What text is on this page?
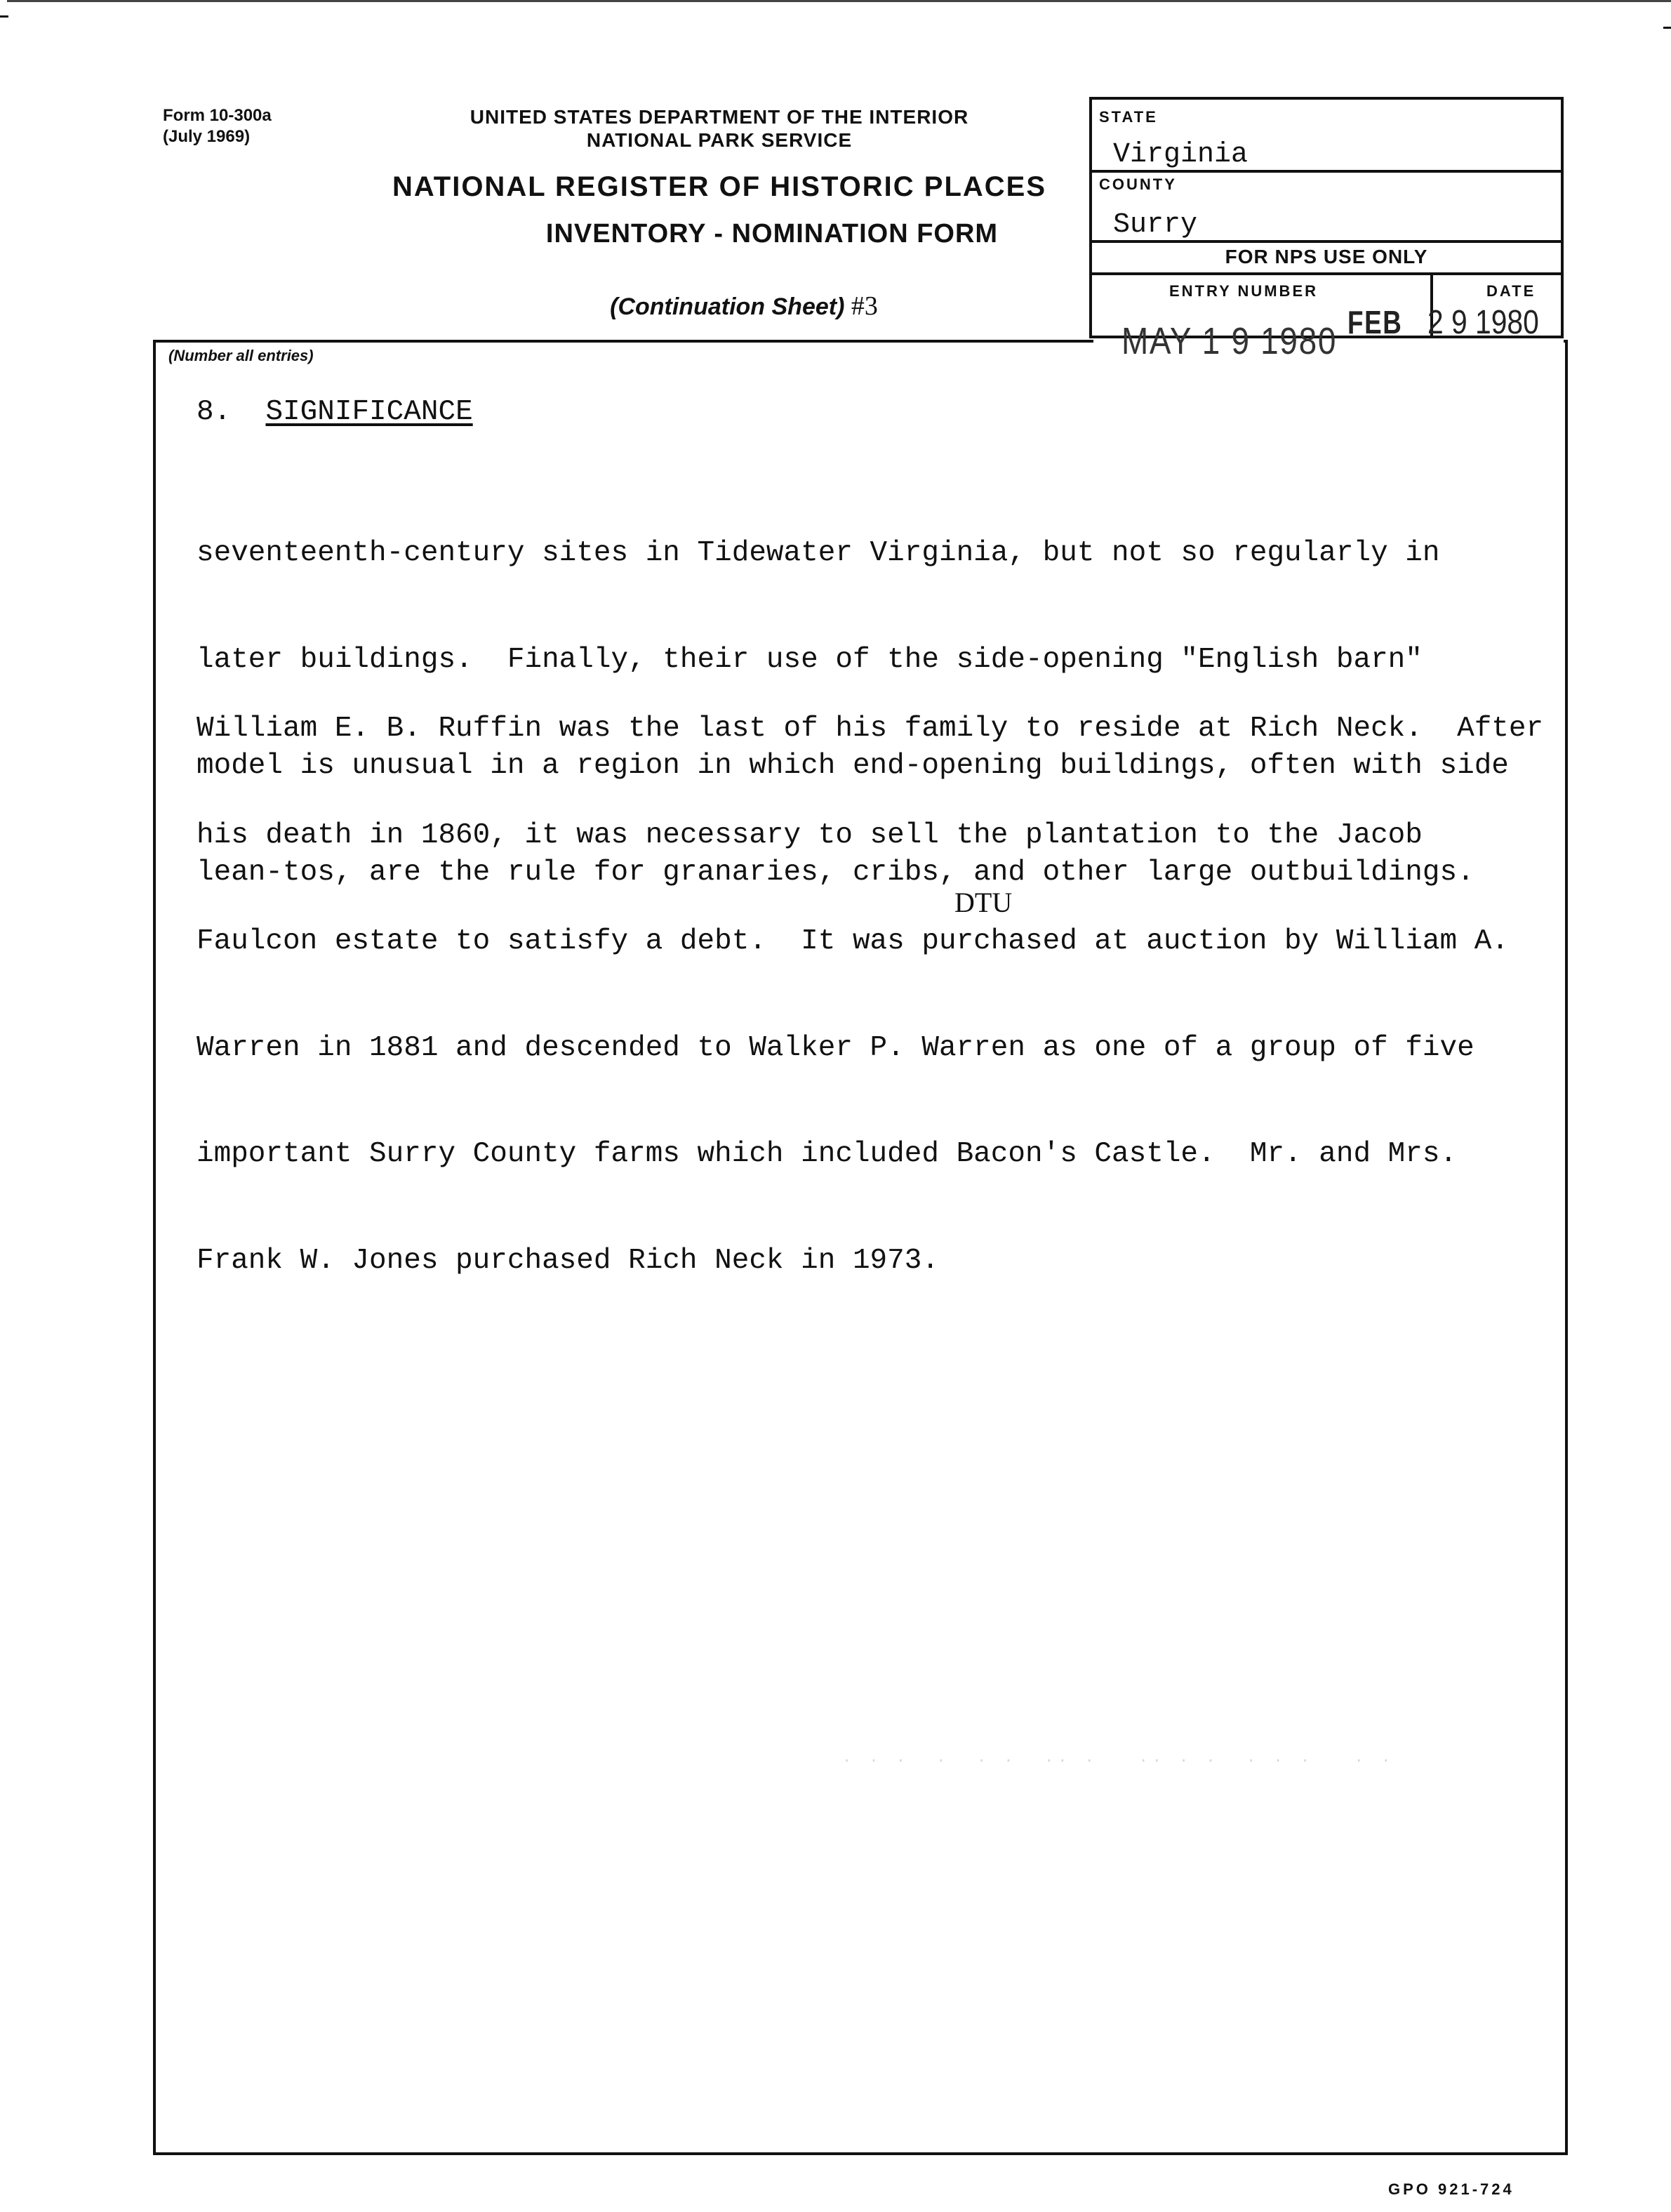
Form 10-300a
(July 1969)
UNITED STATES DEPARTMENT OF THE INTERIOR
NATIONAL PARK SERVICE
NATIONAL REGISTER OF HISTORIC PLACES
INVENTORY - NOMINATION FORM
(Continuation Sheet) #3
(Number all entries)
STATE
Virginia
COUNTY
Surry
FOR NPS USE ONLY
ENTRY NUMBER	DATE
MAY 1 9 1980 FEB 2 9 1980
8. SIGNIFICANCE

seventeenth-century sites in Tidewater Virginia, but not so regularly in

later buildings.  Finally, their use of the side-opening "English barn"

model is unusual in a region in which end-opening buildings, often with side

lean-tos, are the rule for granaries, cribs, and other large outbuildings.

William E. B. Ruffin was the last of his family to reside at Rich Neck.  After

his death in 1860, it was necessary to sell the plantation to the Jacob

Faulcon estate to satisfy a debt.  It was purchased at auction by William A.

Warren in 1881 and descended to Walker P. Warren as one of a group of five

important Surry County farms which included Bacon's Castle.  Mr. and Mrs.

Frank W. Jones purchased Rich Neck in 1973.

DTU
· · ·  ·  · ·  ·· ·   ·· · ·  · · ·   · ·
GPO 921-724
